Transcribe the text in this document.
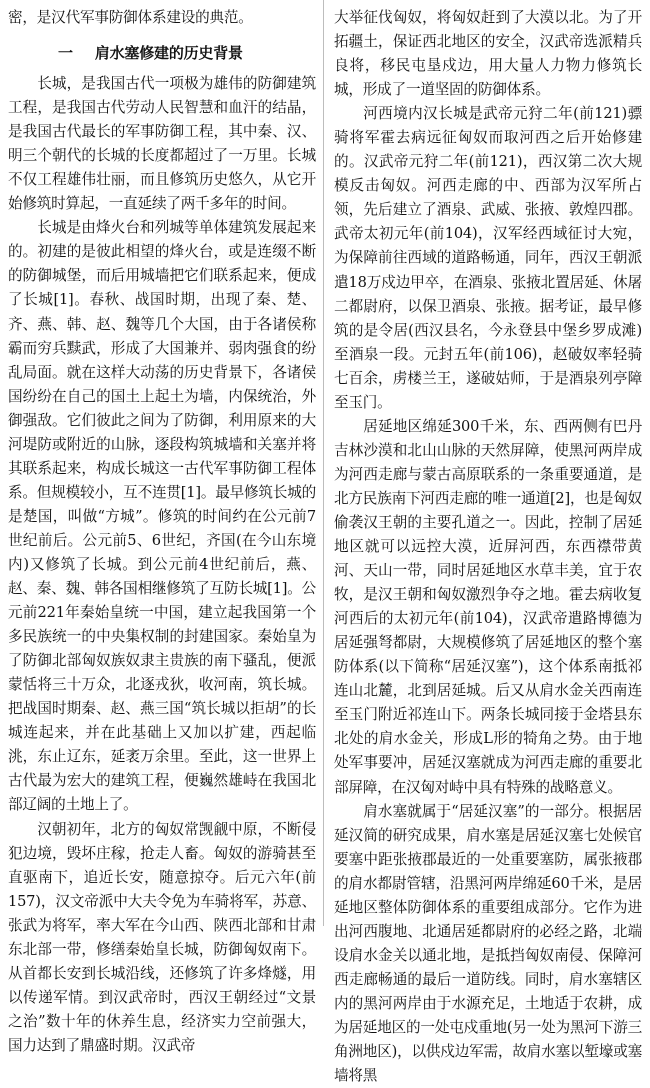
密，是汉代军事防御体系建设的典范。

一 肩水塞修建的历史背景

长城，是我国古代一项极为雄伟的防御建筑工程，是我国古代劳动人民智慧和血汗的结晶，是我国古代最长的军事防御工程，其中秦、汉、明三个朝代的长城的长度都超过了一万里。长城不仅工程雄伟壮丽，而且修筑历史悠久，从它开始修筑时算起，一直延续了两千多年的时间。

长城是由烽火台和列城等单体建筑发展起来的。初建的是彼此相望的烽火台，或是连缀不断的防御城堡，而后用城墙把它们联系起来，便成了长城[1]。春秋、战国时期，出现了秦、楚、齐、燕、韩、赵、魏等几个大国，由于各诸侯称霸而穷兵黩武，形成了大国兼并、弱肉强食的纷乱局面。就在这样大动荡的历史背景下，各诸侯国纷纷在自己的国土上起土为墙，内保统治，外御强敌。它们彼此之间为了防御，利用原来的大河堤防或附近的山脉，逐段构筑城墙和关塞并将其联系起来，构成长城这一古代军事防御工程体系。但规模较小，互不连贯[1]。最早修筑长城的是楚国，叫做“方城”。修筑的时间约在公元前7世纪前后。公元前5、6世纪，齐国(在今山东境内)又修筑了长城。到公元前4世纪前后，燕、赵、秦、魏、韩各国相继修筑了互防长城[1]。公元前221年秦始皇统一中国，建立起我国第一个多民族统一的中央集权制的封建国家。秦始皇为了防御北部匈奴族奴隶主贵族的南下骚乱，便派蒙恬将三十万众，北逐戎狄，收河南，筑长城。把战国时期秦、赵、燕三国“筑长城以拒胡”的长城连起来，并在此基础上又加以扩建，西起临洮，东止辽东，延袤万余里。至此，这一世界上古代最为宏大的建筑工程，便巍然雄峙在我国北部辽阔的土地上了。

汉朝初年，北方的匈奴常觊觎中原，不断侵犯边境，毁坏庄稼，抢走人畜。匈奴的游骑甚至直驱南下，追近长安，随意掠夺。后元六年(前157)，汉文帝派中大夫令免为车骑将军，苏意、张武为将军，率大军在今山西、陕西北部和甘肃东北部一带，修缮秦始皇长城，防御匈奴南下。从首都长安到长城沿线，还修筑了许多烽燧，用以传递军情。到汉武帝时，西汉王朝经过“文景之治”数十年的休养生息，经济实力空前强大，国力达到了鼎盛时期。汉武帝

大举征伐匈奴，将匈奴赶到了大漠以北。为了开拓疆土，保证西北地区的安全，汉武帝选派精兵良将，移民屯垦戍边，用大量人力物力修筑长城，形成了一道坚固的防御体系。

河西境内汉长城是武帝元狩二年(前121)骠骑将军霍去病远征匈奴而取河西之后开始修建的。汉武帝元狩二年(前121)，西汉第二次大规模反击匈奴。河西走廊的中、西部为汉军所占领，先后建立了酒泉、武威、张掖、敦煌四郡。武帝太初元年(前104)，汉军经西域征讨大宛，为保障前往西域的道路畅通，同年，西汉王朝派遣18万戍边甲卒，在酒泉、张掖北置居延、休屠二都尉府，以保卫酒泉、张掖。据考证，最早修筑的是令居(西汉县名，今永登县中堡乡罗成滩)至酒泉一段。元封五年(前106)，赵破奴率轻骑七百余，虏楼兰王，遂破姑师，于是酒泉列亭障至玉门。

居延地区绵延300千米，东、西两侧有巴丹吉林沙漠和北山山脉的天然屏障，使黑河两岸成为河西走廊与蒙古高原联系的一条重要通道，是北方民族南下河西走廊的唯一通道[2]，也是匈奴偷袭汉王朝的主要孔道之一。因此，控制了居延地区就可以远控大漠，近屏河西，东西襟带黄河、天山一带，同时居延地区水草丰美，宜于农牧，是汉王朝和匈奴激烈争夺之地。霍去病收复河西后的太初元年(前104)，汉武帝遣路博德为居延强弩都尉，大规模修筑了居延地区的整个塞防体系(以下简称“居延汉塞”)，这个体系南抵祁连山北麓，北到居延城。后又从肩水金关西南连至玉门附近祁连山下。两条长城同接于金塔县东北处的肩水金关，形成L形的犄角之势。由于地处军事要冲，居延汉塞就成为河西走廊的重要北部屏障，在汉匈对峙中具有特殊的战略意义。

肩水塞就属于“居延汉塞”的一部分。根据居延汉简的研究成果，肩水塞是居延汉塞七处候官要塞中距张掖郡最近的一处重要塞防，属张掖郡的肩水都尉管辖，沿黑河两岸绵延60千米，是居延地区整体防御体系的重要组成部分。它作为进出河西腹地、北通居延都尉府的必经之路，北端设肩水金关以通北地，是抵挡匈奴南侵、保障河西走廊畅通的最后一道防线。同时，肩水塞辖区内的黑河两岸由于水源充足，土地适于农耕，成为居延地区的一处屯戍重地(另一处为黑河下游三角洲地区)，以供戍边军需，故肩水塞以堑壕或塞墙将黑
